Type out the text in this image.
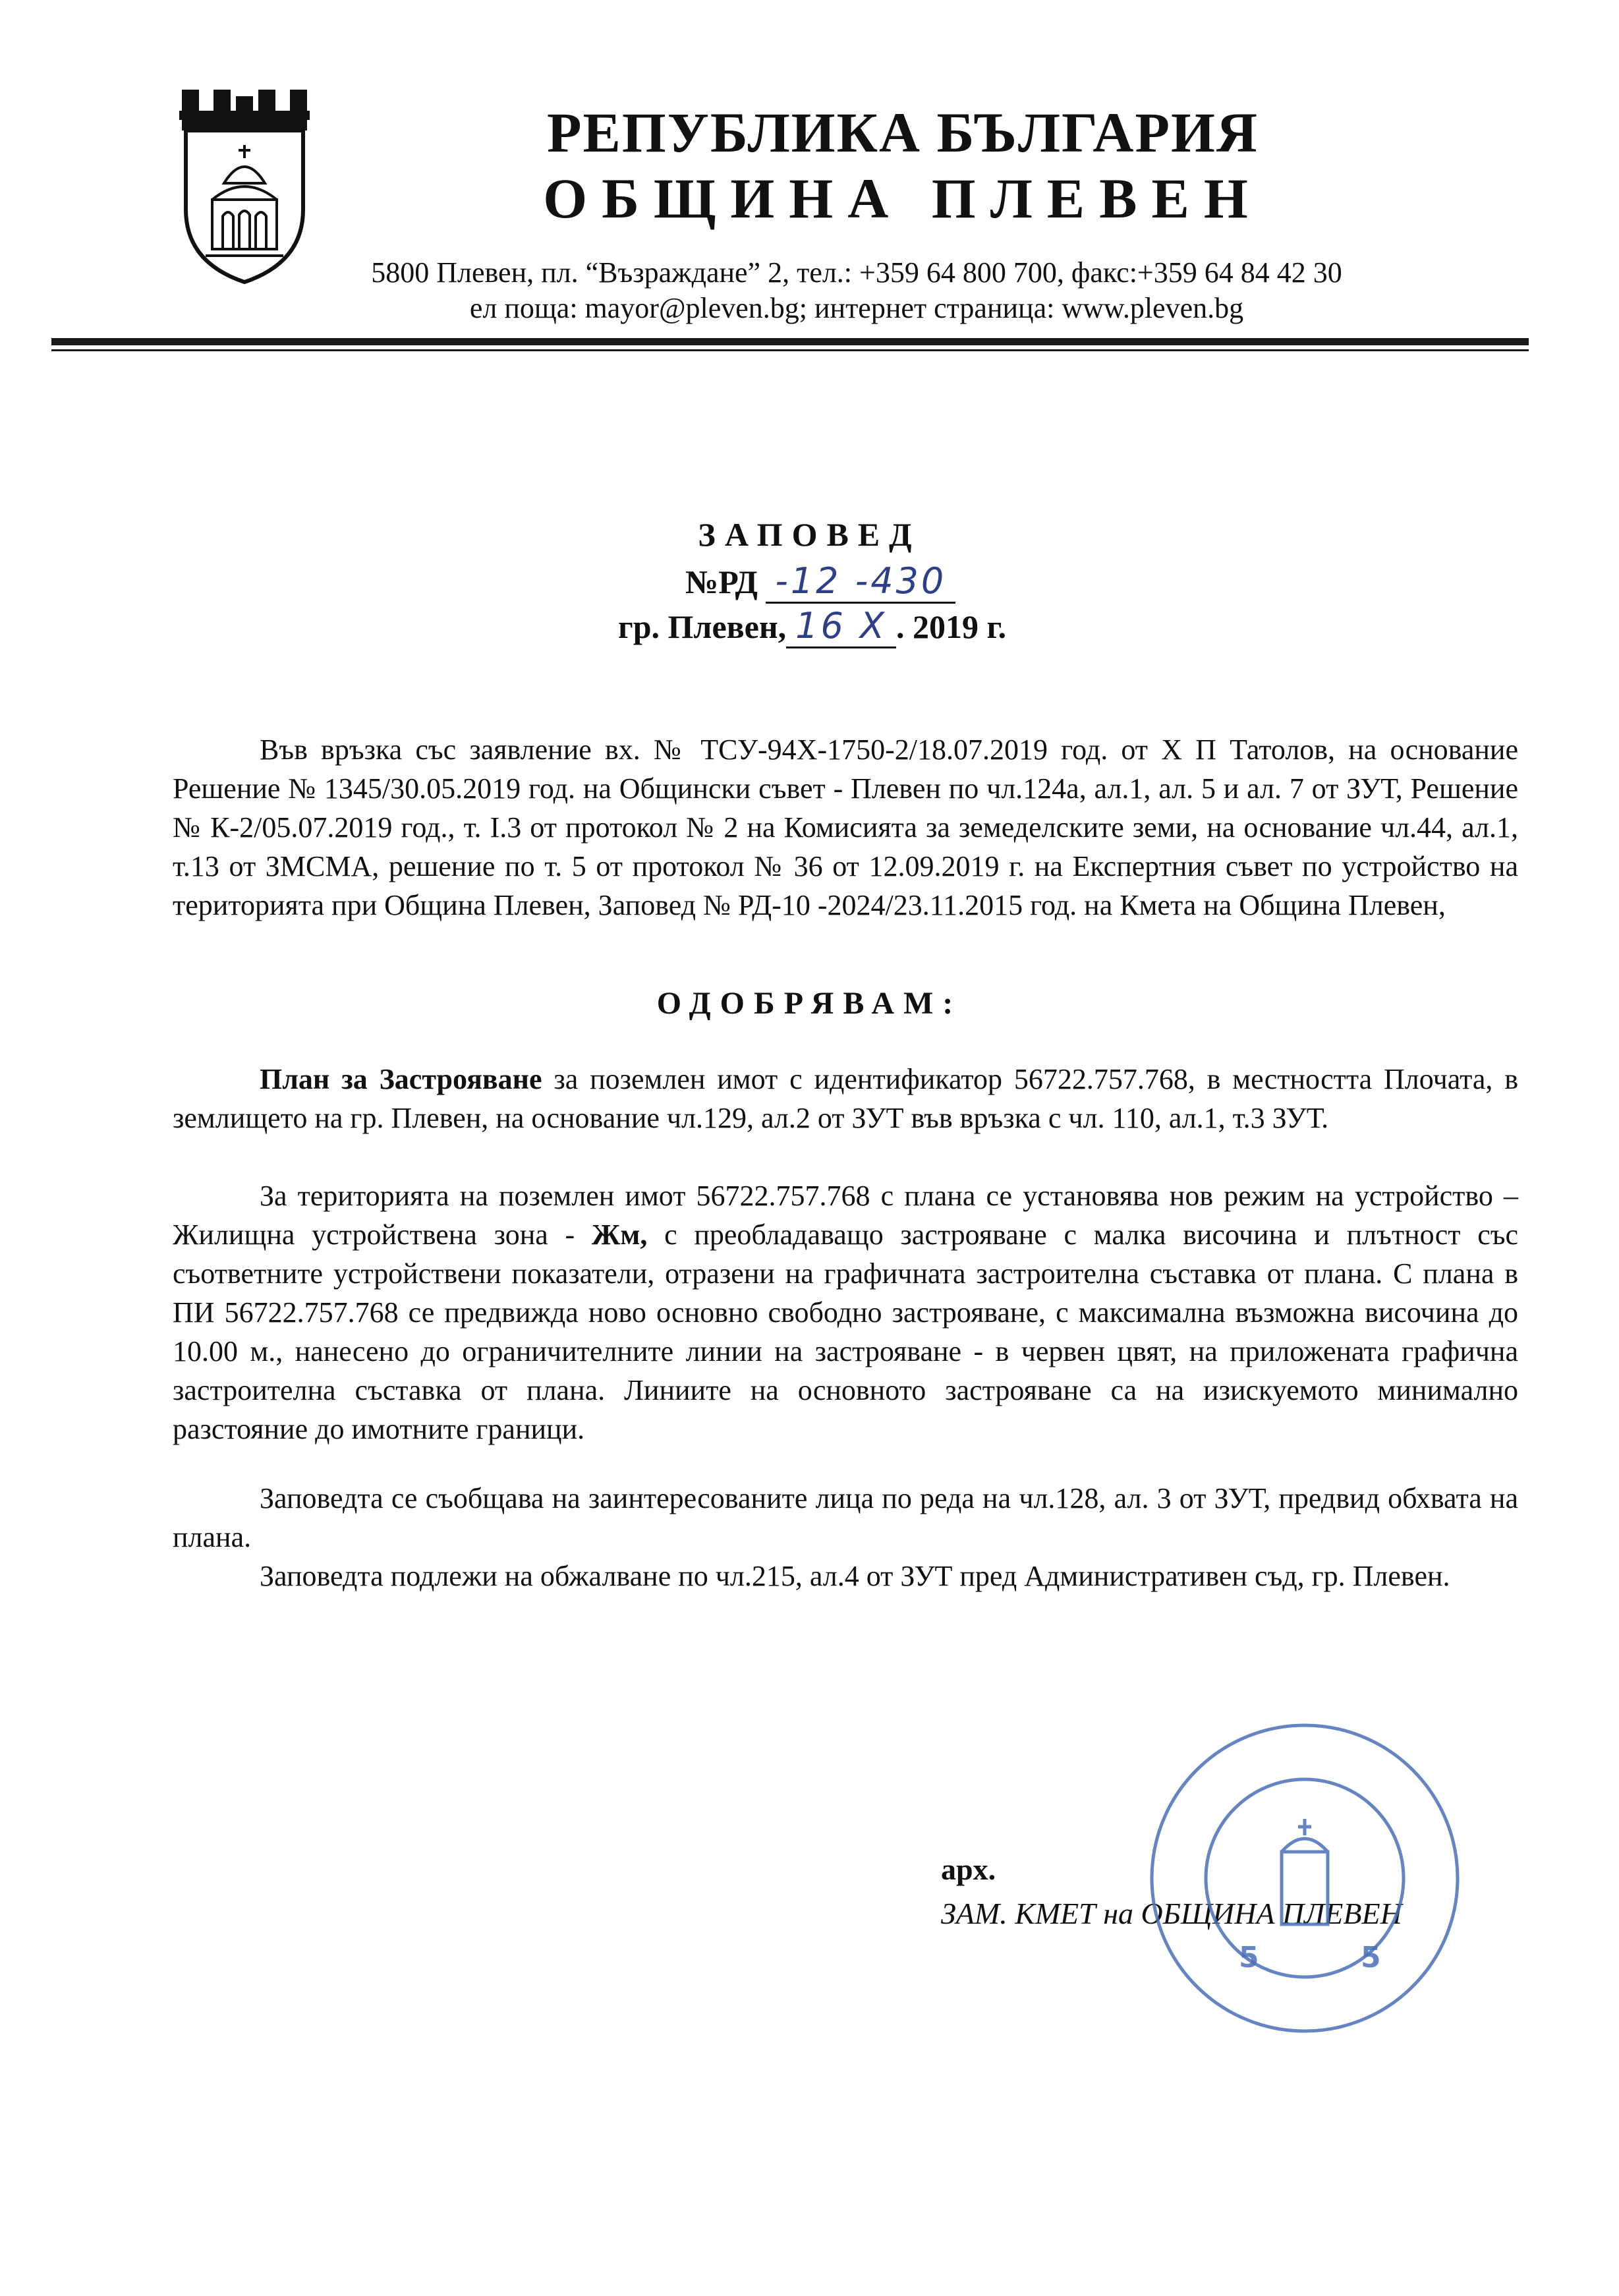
РЕПУБЛИКА БЪЛГАРИЯ
ОБЩИНА ПЛЕВЕН
5800 Плевен, пл. “Възраждане” 2, тел.: +359 64 800 700, факс:+359 64 84 42 30
ел поща: mayor@pleven.bg; интернет страница: www.pleven.bg
ЗАПОВЕД
№РД -12 -430
гр. Плевен, 16 X . 2019 г.

Във връзка със заявление вх. № ТСУ-94Х-1750-2/18.07.2019 год. от Х П Татолов, на основание Решение № 1345/30.05.2019 год. на Общински съвет - Плевен по чл.124а, ал.1, ал. 5 и ал. 7 от ЗУТ, Решение № К-2/05.07.2019 год., т. І.3 от протокол № 2 на Комисията за земеделските земи, на основание чл.44, ал.1, т.13 от ЗМСМА, решение по т. 5 от протокол № 36 от 12.09.2019 г. на Експертния съвет по устройство на територията при Община Плевен, Заповед № РД-10 -2024/23.11.2015 год. на Кмета на Община Плевен,

ОДОБРЯВАМ:

План за Застрояване за поземлен имот с идентификатор 56722.757.768, в местността Плочата, в землището на гр. Плевен, на основание чл.129, ал.2 от ЗУТ във връзка с чл. 110, ал.1, т.3 ЗУТ.

За територията на поземлен имот 56722.757.768 с плана се установява нов режим на устройство – Жилищна устройствена зона - Жм, с преобладаващо застрояване с малка височина и плътност със съответните устройствени показатели, отразени на графичната застроителна съставка от плана. С плана в ПИ 56722.757.768 се предвижда ново основно свободно застрояване, с максимална възможна височина до 10.00 м., нанесено до ограничителните линии на застрояване - в червен цвят, на приложената графична застроителна съставка от плана. Линиите на основното застрояване са на изискуемото минимално разстояние до имотните граници.

Заповедта се съобщава на заинтересованите лица по реда на чл.128, ал. 3 от ЗУТ, предвид обхвата на плана.

Заповедта подлежи на обжалване по чл.215, ал.4 от ЗУТ пред Административен съд, гр. Плевен.

арх.
ЗАМ. КМЕТ на ОБЩИНА ПЛЕВЕН
5	5
